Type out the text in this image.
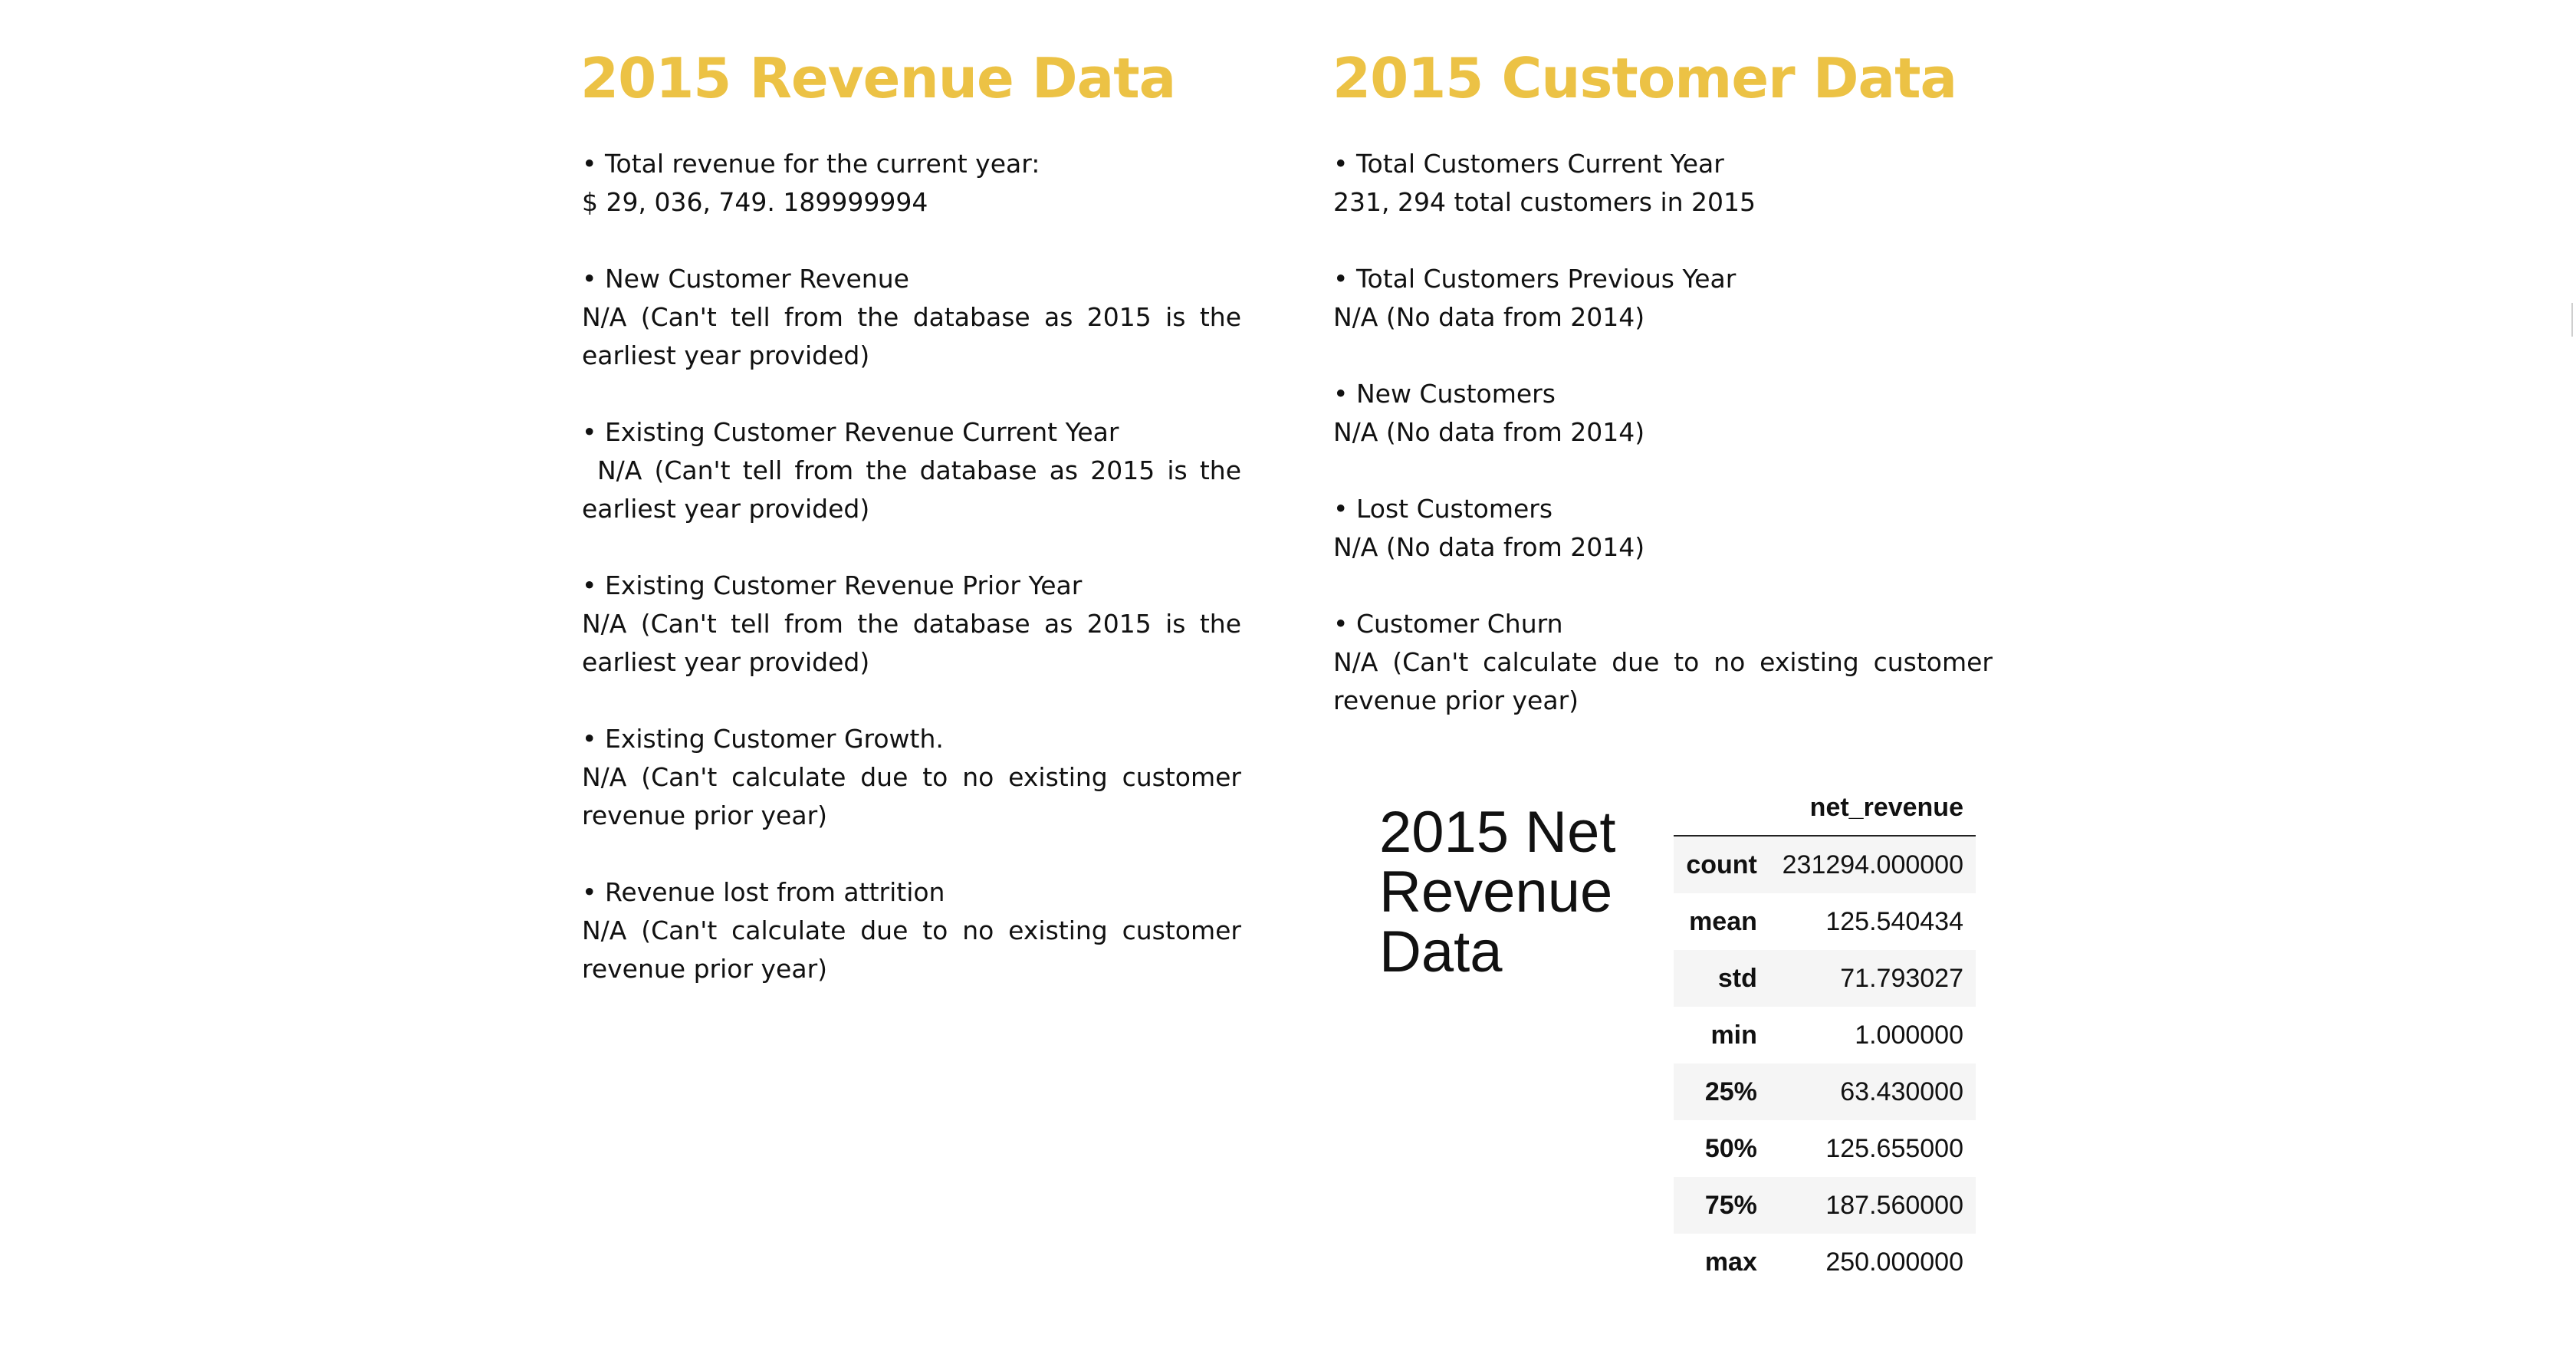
2015 Revenue Data	2015 Customer Data

• Total revenue for the current year:
$ 29, 036, 749. 189999994

• New Customer Revenue
N/A (Can't tell from the database as 2015 is the earliest year provided)

• Existing Customer Revenue Current Year
N/A (Can't tell from the database as 2015 is the earliest year provided)

• Existing Customer Revenue Prior Year
N/A (Can't tell from the database as 2015 is the earliest year provided)

• Existing Customer Growth.
N/A (Can't calculate due to no existing customer revenue prior year)

• Revenue lost from attrition
N/A (Can't calculate due to no existing customer revenue prior year)

• Total Customers Current Year
231, 294 total customers in 2015

• Total Customers Previous Year
N/A (No data from 2014)

• New Customers
N/A (No data from 2014)

• Lost Customers
N/A (No data from 2014)

• Customer Churn
N/A (Can't calculate due to no existing customer revenue prior year)

2015 Net Revenue Data

	net_revenue
count	231294.000000
mean	125.540434
std	71.793027
min	1.000000
25%	63.430000
50%	125.655000
75%	187.560000
max	250.000000
